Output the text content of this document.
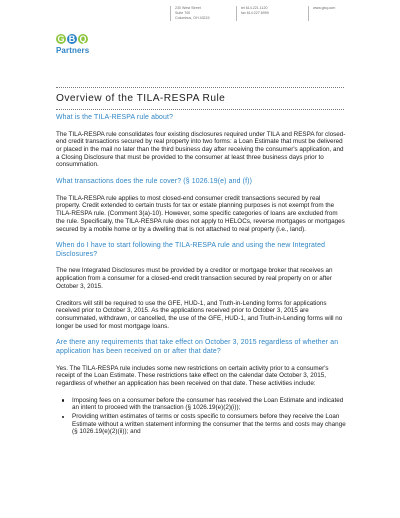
230 West Street
Suite 700
Columbus, OH 43215
tel 614.221.1120
fax 614.227.6999
www.gbq.com
G B Q
Partners
Overview of the TILA-RESPA Rule
What is the TILA-RESPA rule about?

The TILA-RESPA rule consolidates four existing disclosures required under TILA and RESPA for closed-end credit transactions secured by real property into two forms: a Loan Estimate that must be delivered or placed in the mail no later than the third business day after receiving the consumer's application, and a Closing Disclosure that must be provided to the consumer at least three business days prior to consummation.

What transactions does the rule cover? (§ 1026.19(e) and (f))

The TILA-RESPA rule applies to most closed-end consumer credit transactions secured by real property. Credit extended to certain trusts for tax or estate planning purposes is not exempt from the TILA-RESPA rule. (Comment 3(a)-10). However, some specific categories of loans are excluded from the rule. Specifically, the TILA-RESPA rule does not apply to HELOCs, reverse mortgages or mortgages secured by a mobile home or by a dwelling that is not attached to real property (i.e., land).

When do I have to start following the TILA-RESPA rule and using the new Integrated Disclosures?

The new Integrated Disclosures must be provided by a creditor or mortgage broker that receives an application from a consumer for a closed-end credit transaction secured by real property on or after October 3, 2015.

Creditors will still be required to use the GFE, HUD-1, and Truth-in-Lending forms for applications received prior to October 3, 2015. As the applications received prior to October 3, 2015 are consummated, withdrawn, or cancelled, the use of the GFE, HUD-1, and Truth-in-Lending forms will no longer be used for most mortgage loans.

Are there any requirements that take effect on October 3, 2015 regardless of whether an application has been received on or after that date?

Yes. The TILA-RESPA rule includes some new restrictions on certain activity prior to a consumer's receipt of the Loan Estimate. These restrictions take effect on the calendar date October 3, 2015, regardless of whether an application has been received on that date. These activities include:

Imposing fees on a consumer before the consumer has received the Loan Estimate and indicated an intent to proceed with the transaction (§ 1026.19(e)(2)(i));
Providing written estimates of terms or costs specific to consumers before they receive the Loan Estimate without a written statement informing the consumer that the terms and costs may change (§ 1026.19(e)(2)(ii)); and
